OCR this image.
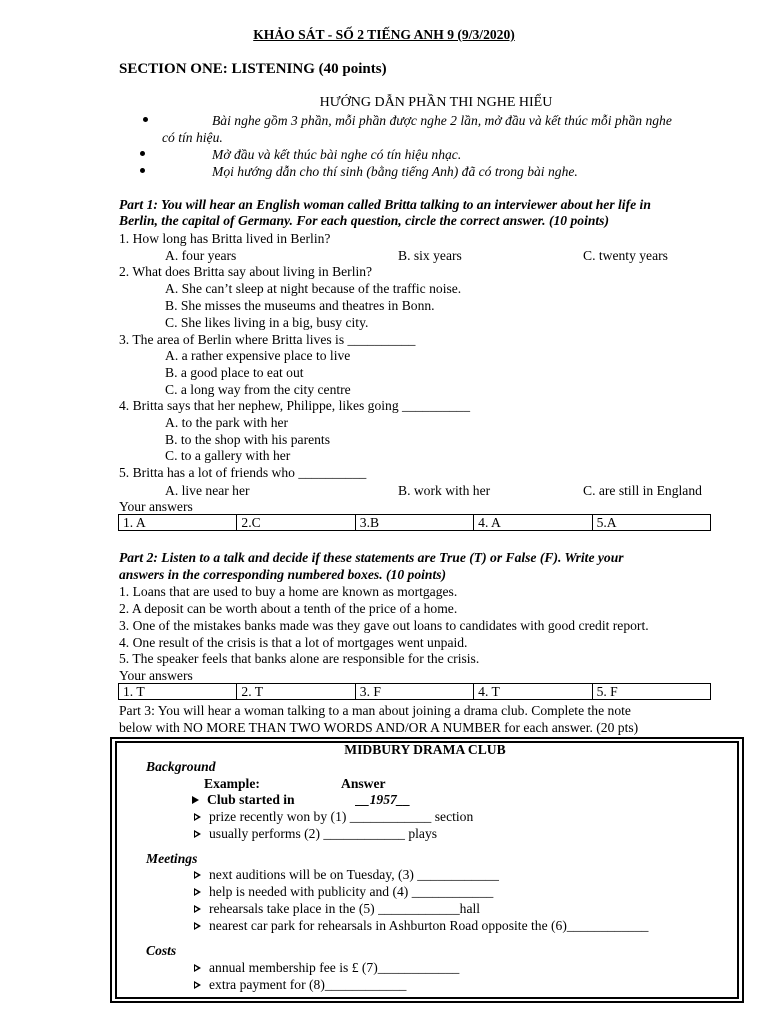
KHẢO SÁT - SỐ 2 TIẾNG ANH 9 (9/3/2020)
SECTION ONE: LISTENING (40 points)
HƯỚNG DẪN PHẦN THI NGHE HIỂU
Bài nghe gồm 3 phần, mỗi phần được nghe 2 lần, mở đầu và kết thúc mỗi phần nghe
có tín hiệu.
Mở đầu và kết thúc bài nghe có tín hiệu nhạc.
Mọi hướng dẫn cho thí sinh (bằng tiếng Anh) đã có trong bài nghe.
Part 1: You will hear an English woman called Britta talking to an interviewer about her life in
Berlin, the capital of Germany. For each question, circle the correct answer. (10 points)
1. How long has Britta lived in Berlin?
A. four years	B. six years	C. twenty years
2. What does Britta say about living in Berlin?
A. She can’t sleep at night because of the traffic noise.
B. She misses the museums and theatres in Bonn.
C. She likes living in a big, busy city.
3. The area of Berlin where Britta lives is __________
A. a rather expensive place to live
B. a good place to eat out
C. a long way from the city centre
4. Britta says that her nephew, Philippe, likes going __________
A. to the park with her
B. to the shop with his parents
C. to a gallery with her
5. Britta has a lot of friends who __________
A. live near her	B. work with her	C. are still in England
Your answers
1. A	2.C	3.B	4. A	5.A
Part 2: Listen to a talk and decide if these statements are True (T) or False (F). Write your
answers in the corresponding numbered boxes. (10 points)
1. Loans that are used to buy a home are known as mortgages.
2. A deposit can be worth about a tenth of the price of a home.
3. One of the mistakes banks made was they gave out loans to candidates with good credit report.
4. One result of the crisis is that a lot of mortgages went unpaid.
5. The speaker feels that banks alone are responsible for the crisis.
Your answers
1. T	2. T	3. F	4. T	5. F
Part 3: You will hear a woman talking to a man about joining a drama club. Complete the note
below with NO MORE THAN TWO WORDS AND/OR A NUMBER for each answer. (20 pts)
MIDBURY DRAMA CLUB
Background
Example:	Answer
Club started in	__1957__
prize recently won by (1) ____________ section
usually performs (2) ____________ plays
Meetings
next auditions will be on Tuesday, (3) ____________
help is needed with publicity and (4) ____________
rehearsals take place in the (5) ____________hall
nearest car park for rehearsals in Ashburton Road opposite the (6)____________
Costs
annual membership fee is £ (7)____________
extra payment for (8)____________
